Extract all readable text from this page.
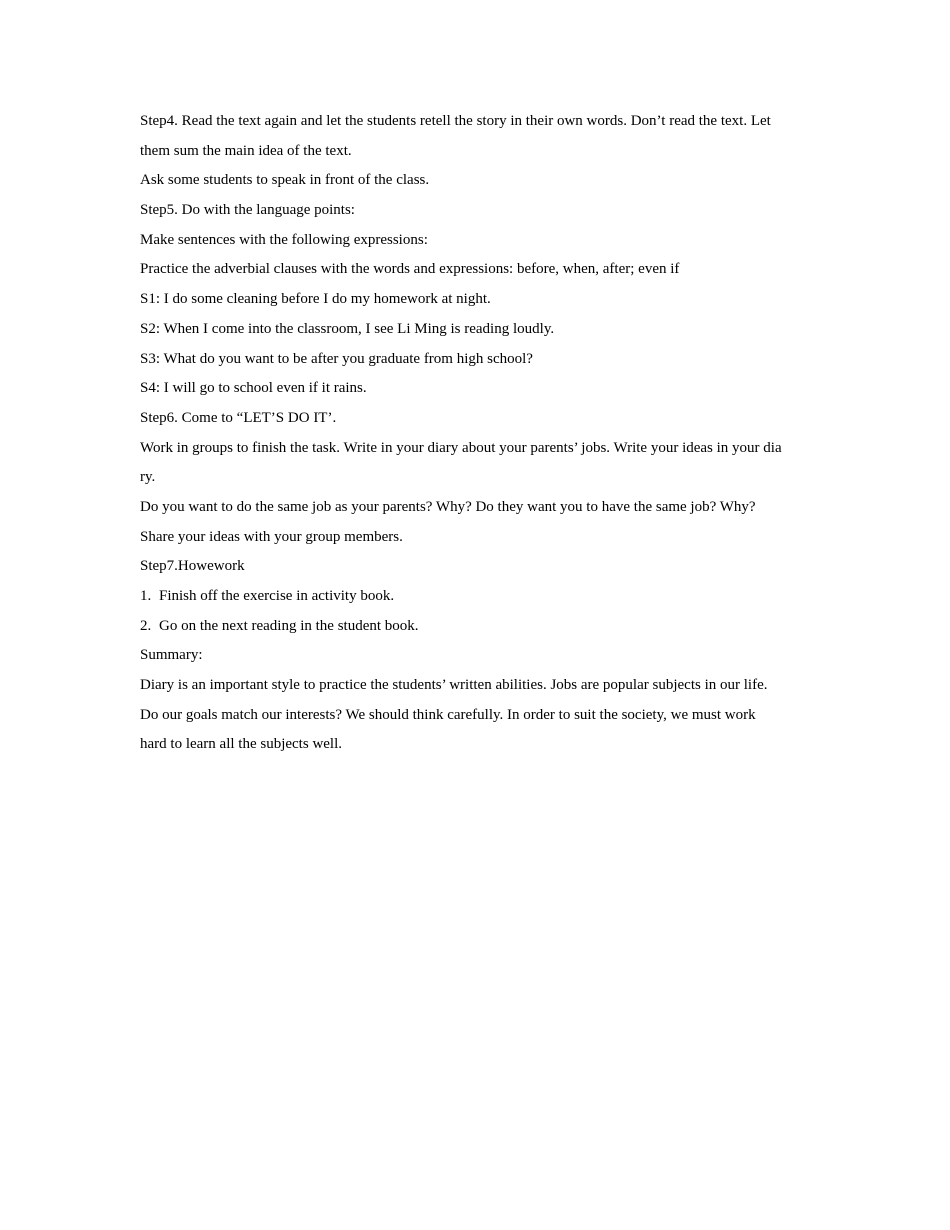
Step4. Read the text again and let the students retell the story in their own words. Don’t read the text. Let
them sum the main idea of the text.
Ask some students to speak in front of the class.
Step5. Do with the language points:
Make sentences with the following expressions:
Practice the adverbial clauses with the words and expressions: before, when, after; even if
S1: I do some cleaning before I do my homework at night.
S2: When I come into the classroom, I see Li Ming is reading loudly.
S3: What do you want to be after you graduate from high school?
S4: I will go to school even if it rains.
Step6. Come to “LET’S DO IT’.
Work in groups to finish the task. Write in your diary about your parents’ jobs. Write your ideas in your dia
ry.
Do you want to do the same job as your parents? Why? Do they want you to have the same job? Why?
Share your ideas with your group members.
Step7.Howework
1. Finish off the exercise in activity book.
2. Go on the next reading in the student book.
Summary:
Diary is an important style to practice the students’ written abilities. Jobs are popular subjects in our life.
Do our goals match our interests? We should think carefully. In order to suit the society, we must work
hard to learn all the subjects well.
